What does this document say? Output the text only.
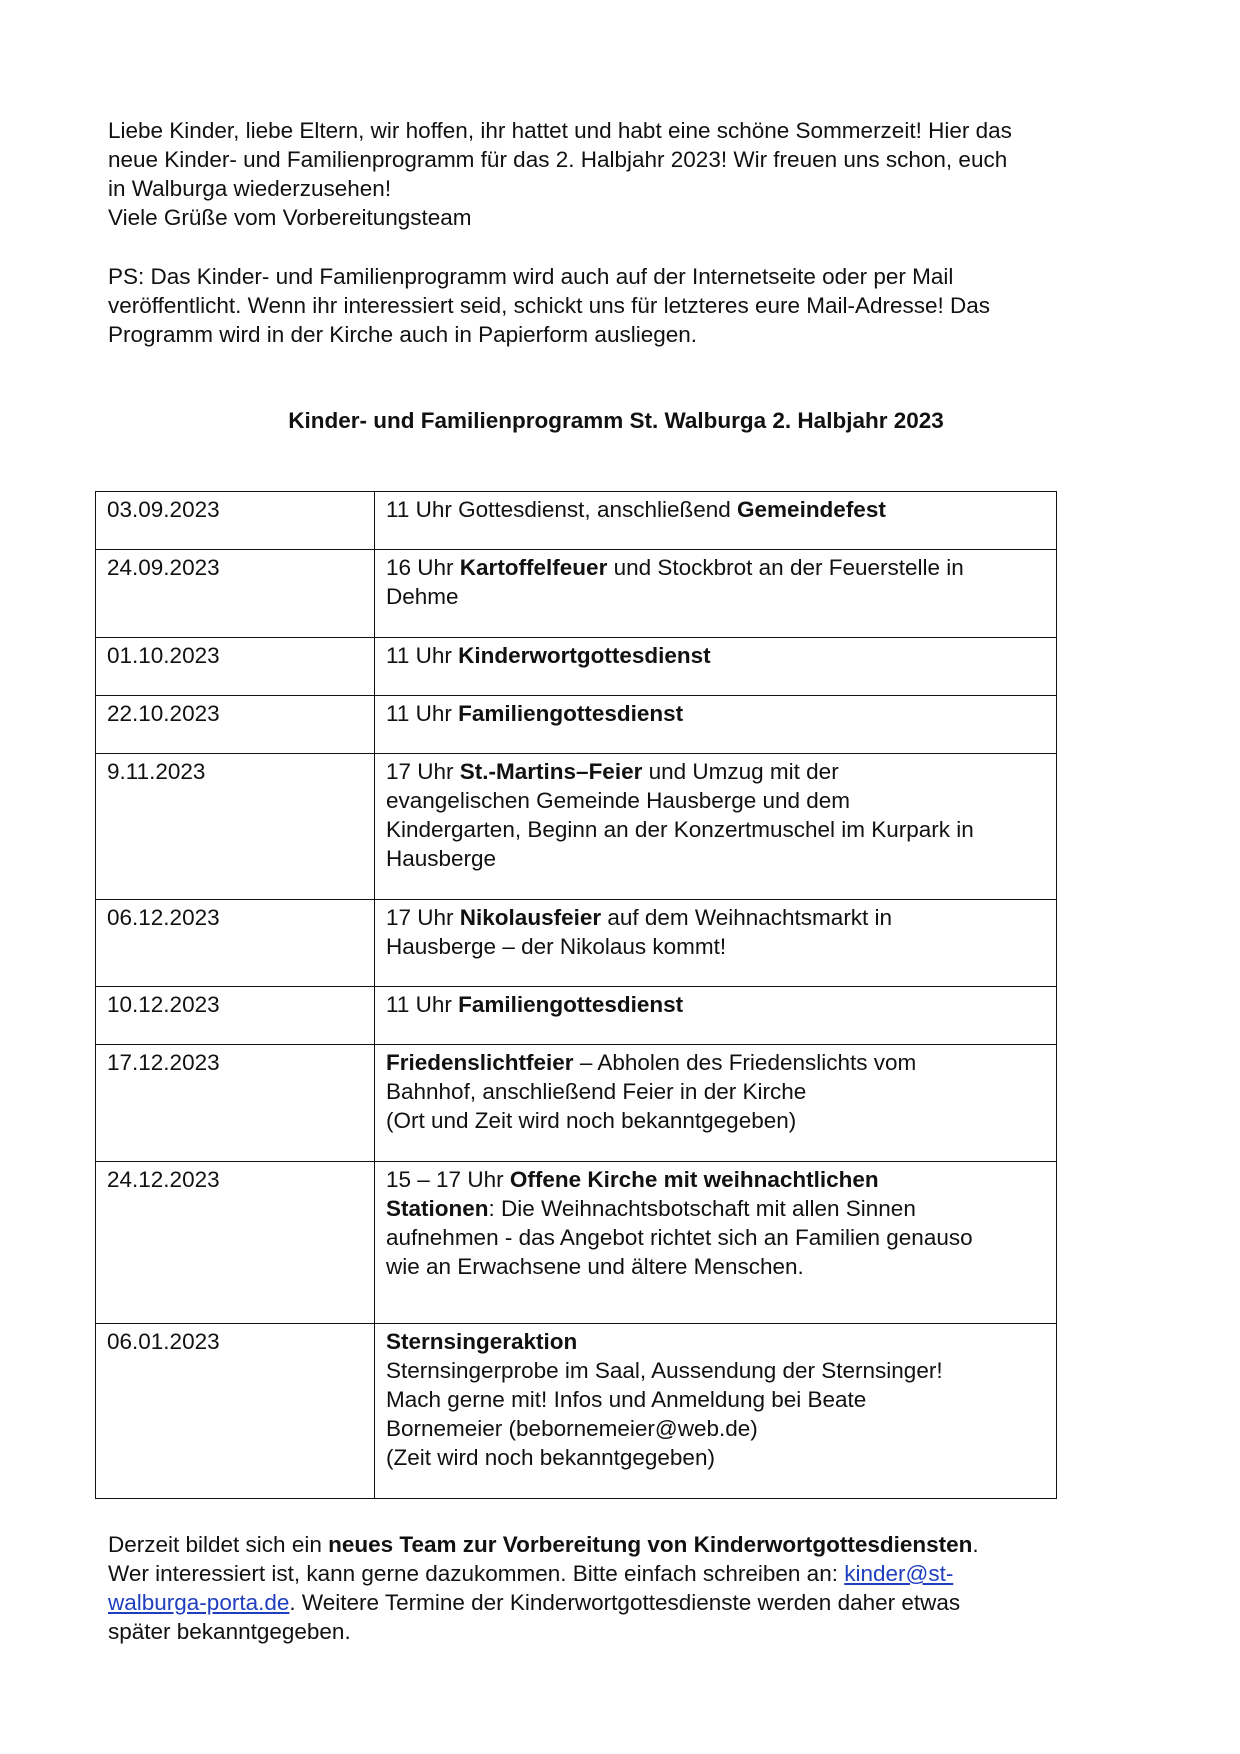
Liebe Kinder, liebe Eltern, wir hoffen, ihr hattet und habt eine schöne Sommerzeit! Hier das

neue Kinder- und Familienprogramm für das 2. Halbjahr 2023! Wir freuen uns schon, euch

in Walburga wiederzusehen!

Viele Grüße vom Vorbereitungsteam

PS: Das Kinder- und Familienprogramm wird auch auf der Internetseite oder per Mail
veröffentlicht. Wenn ihr interessiert seid, schickt uns für letzteres eure Mail-Adresse! Das
Programm wird in der Kirche auch in Papierform ausliegen.
Kinder- und Familienprogramm St. Walburga 2. Halbjahr 2023
03.09.2023	11 Uhr Gottesdienst, anschließend Gemeindefest

24.09.2023	16 Uhr Kartoffelfeuer und Stockbrot an der Feuerstelle in
Dehme

01.10.2023	11 Uhr Kinderwortgottesdienst

22.10.2023	11 Uhr Familiengottesdienst

9.11.2023	17 Uhr St.-Martins–Feier und Umzug mit der
evangelischen Gemeinde Hausberge und dem
Kindergarten, Beginn an der Konzertmuschel im Kurpark in
Hausberge

06.12.2023	17 Uhr Nikolausfeier auf dem Weihnachtsmarkt in
Hausberge – der Nikolaus kommt!

10.12.2023	11 Uhr Familiengottesdienst

17.12.2023	Friedenslichtfeier – Abholen des Friedenslichts vom
Bahnhof, anschließend Feier in der Kirche
(Ort und Zeit wird noch bekanntgegeben)

24.12.2023	15 – 17 Uhr Offene Kirche mit weihnachtlichen
Stationen: Die Weihnachtsbotschaft mit allen Sinnen
aufnehmen - das Angebot richtet sich an Familien genauso
wie an Erwachsene und ältere Menschen.

06.01.2023	Sternsingeraktion
Sternsingerprobe im Saal, Aussendung der Sternsinger!
Mach gerne mit! Infos und Anmeldung bei Beate
Bornemeier (bebornemeier@web.de)
(Zeit wird noch bekanntgegeben)
Derzeit bildet sich ein neues Team zur Vorbereitung von Kinderwortgottesdiensten.
Wer interessiert ist, kann gerne dazukommen. Bitte einfach schreiben an: kinder@st-
walburga-porta.de. Weitere Termine der Kinderwortgottesdienste werden daher etwas
später bekanntgegeben.
